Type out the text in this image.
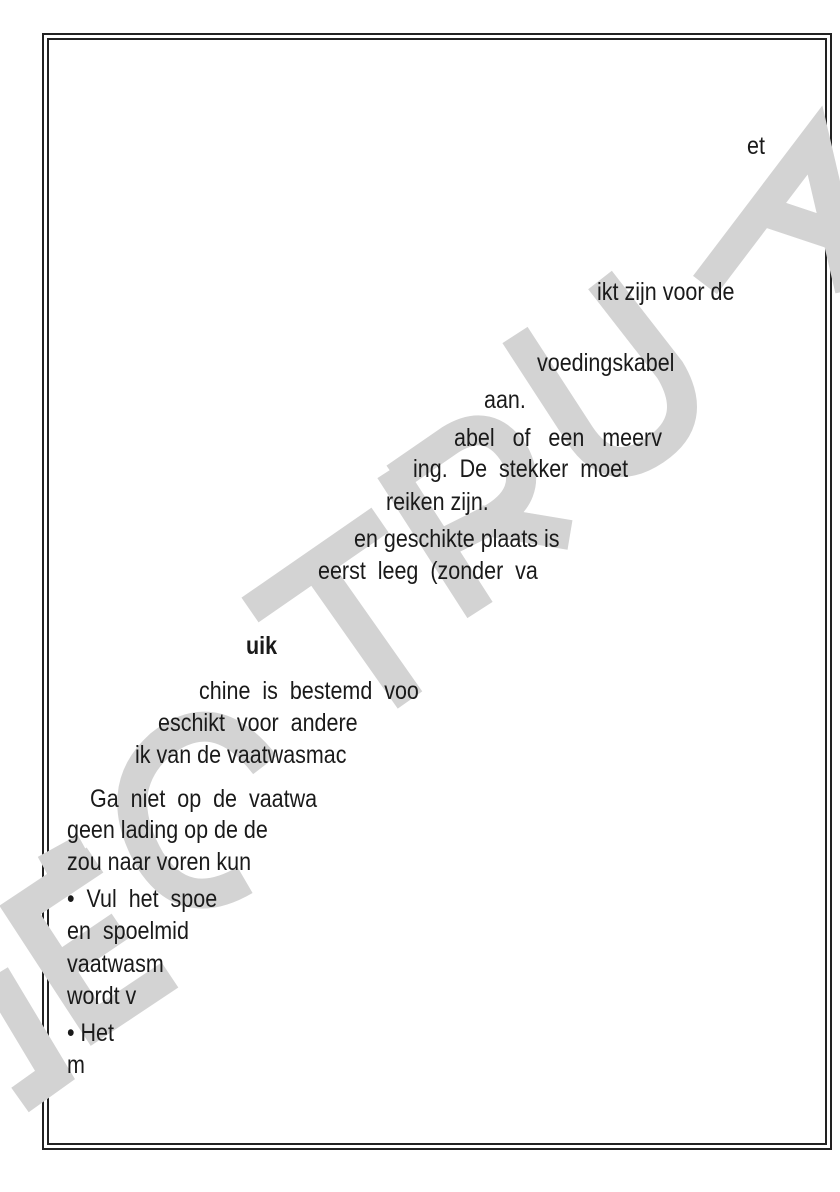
et
ikt zijn voor de
voedingskabel
aan.
abel   of   een   meerv
ing.  De  stekker  moet
reiken zijn.
en geschikte plaats is
eerst  leeg  (zonder  va
uik
chine  is  bestemd  voo
eschikt  voor  andere
ik van de vaatwasmac
Ga  niet  op  de  vaatwa
geen lading op de de
zou naar voren kun
•  Vul  het  spoe
en  spoelmid
vaatwasm
wordt v
• Het
m
